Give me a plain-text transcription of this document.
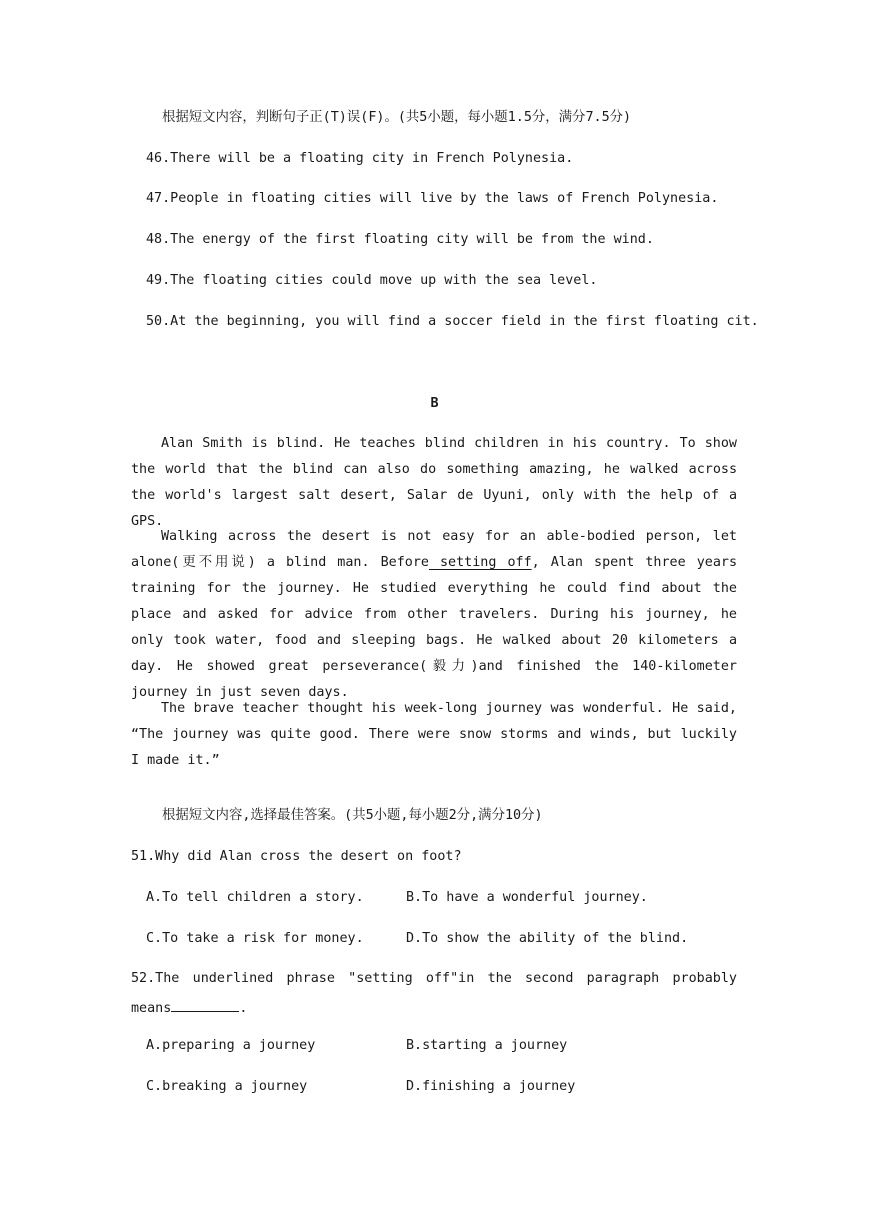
根据短文内容，判断句子正(T)误(F)。(共5小题，每小题1.5分，满分7.5分)
46.There will be a floating city in French Polynesia.
47.People in floating cities will live by the laws of French Polynesia.
48.The energy of the first floating city will be from the wind.
49.The floating cities could move up with the sea level.
50.At the beginning, you will find a soccer field in the first floating cit.
B
Alan Smith is blind. He teaches blind children in his country. To show the world that the blind can also do something amazing, he walked across the world's largest salt desert, Salar de Uyuni, only with the help of a GPS.
Walking across the desert is not easy for an able-bodied person, let alone(更不用说) a blind man. Before setting off, Alan spent three years training for the journey. He studied everything he could find about the place and asked for advice from other travelers. During his journey, he only took water, food and sleeping bags. He walked about 20 kilometers a day. He showed great perseverance(毅力)and finished the 140-kilometer journey in just seven days.
The brave teacher thought his week-long journey was wonderful. He said, “The journey was quite good. There were snow storms and winds, but luckily I made it.”
根据短文内容,选择最佳答案。(共5小题,每小题2分,满分10分)
51.Why did Alan cross the desert on foot?
A.To tell children a story.	B.To have a wonderful journey.
C.To take a risk for money.	D.To show the ability of the blind.
52.The underlined phrase "setting off"in the second paragraph probably
means	.
A.preparing a journey	B.starting a journey
C.breaking a journey	D.finishing a journey
